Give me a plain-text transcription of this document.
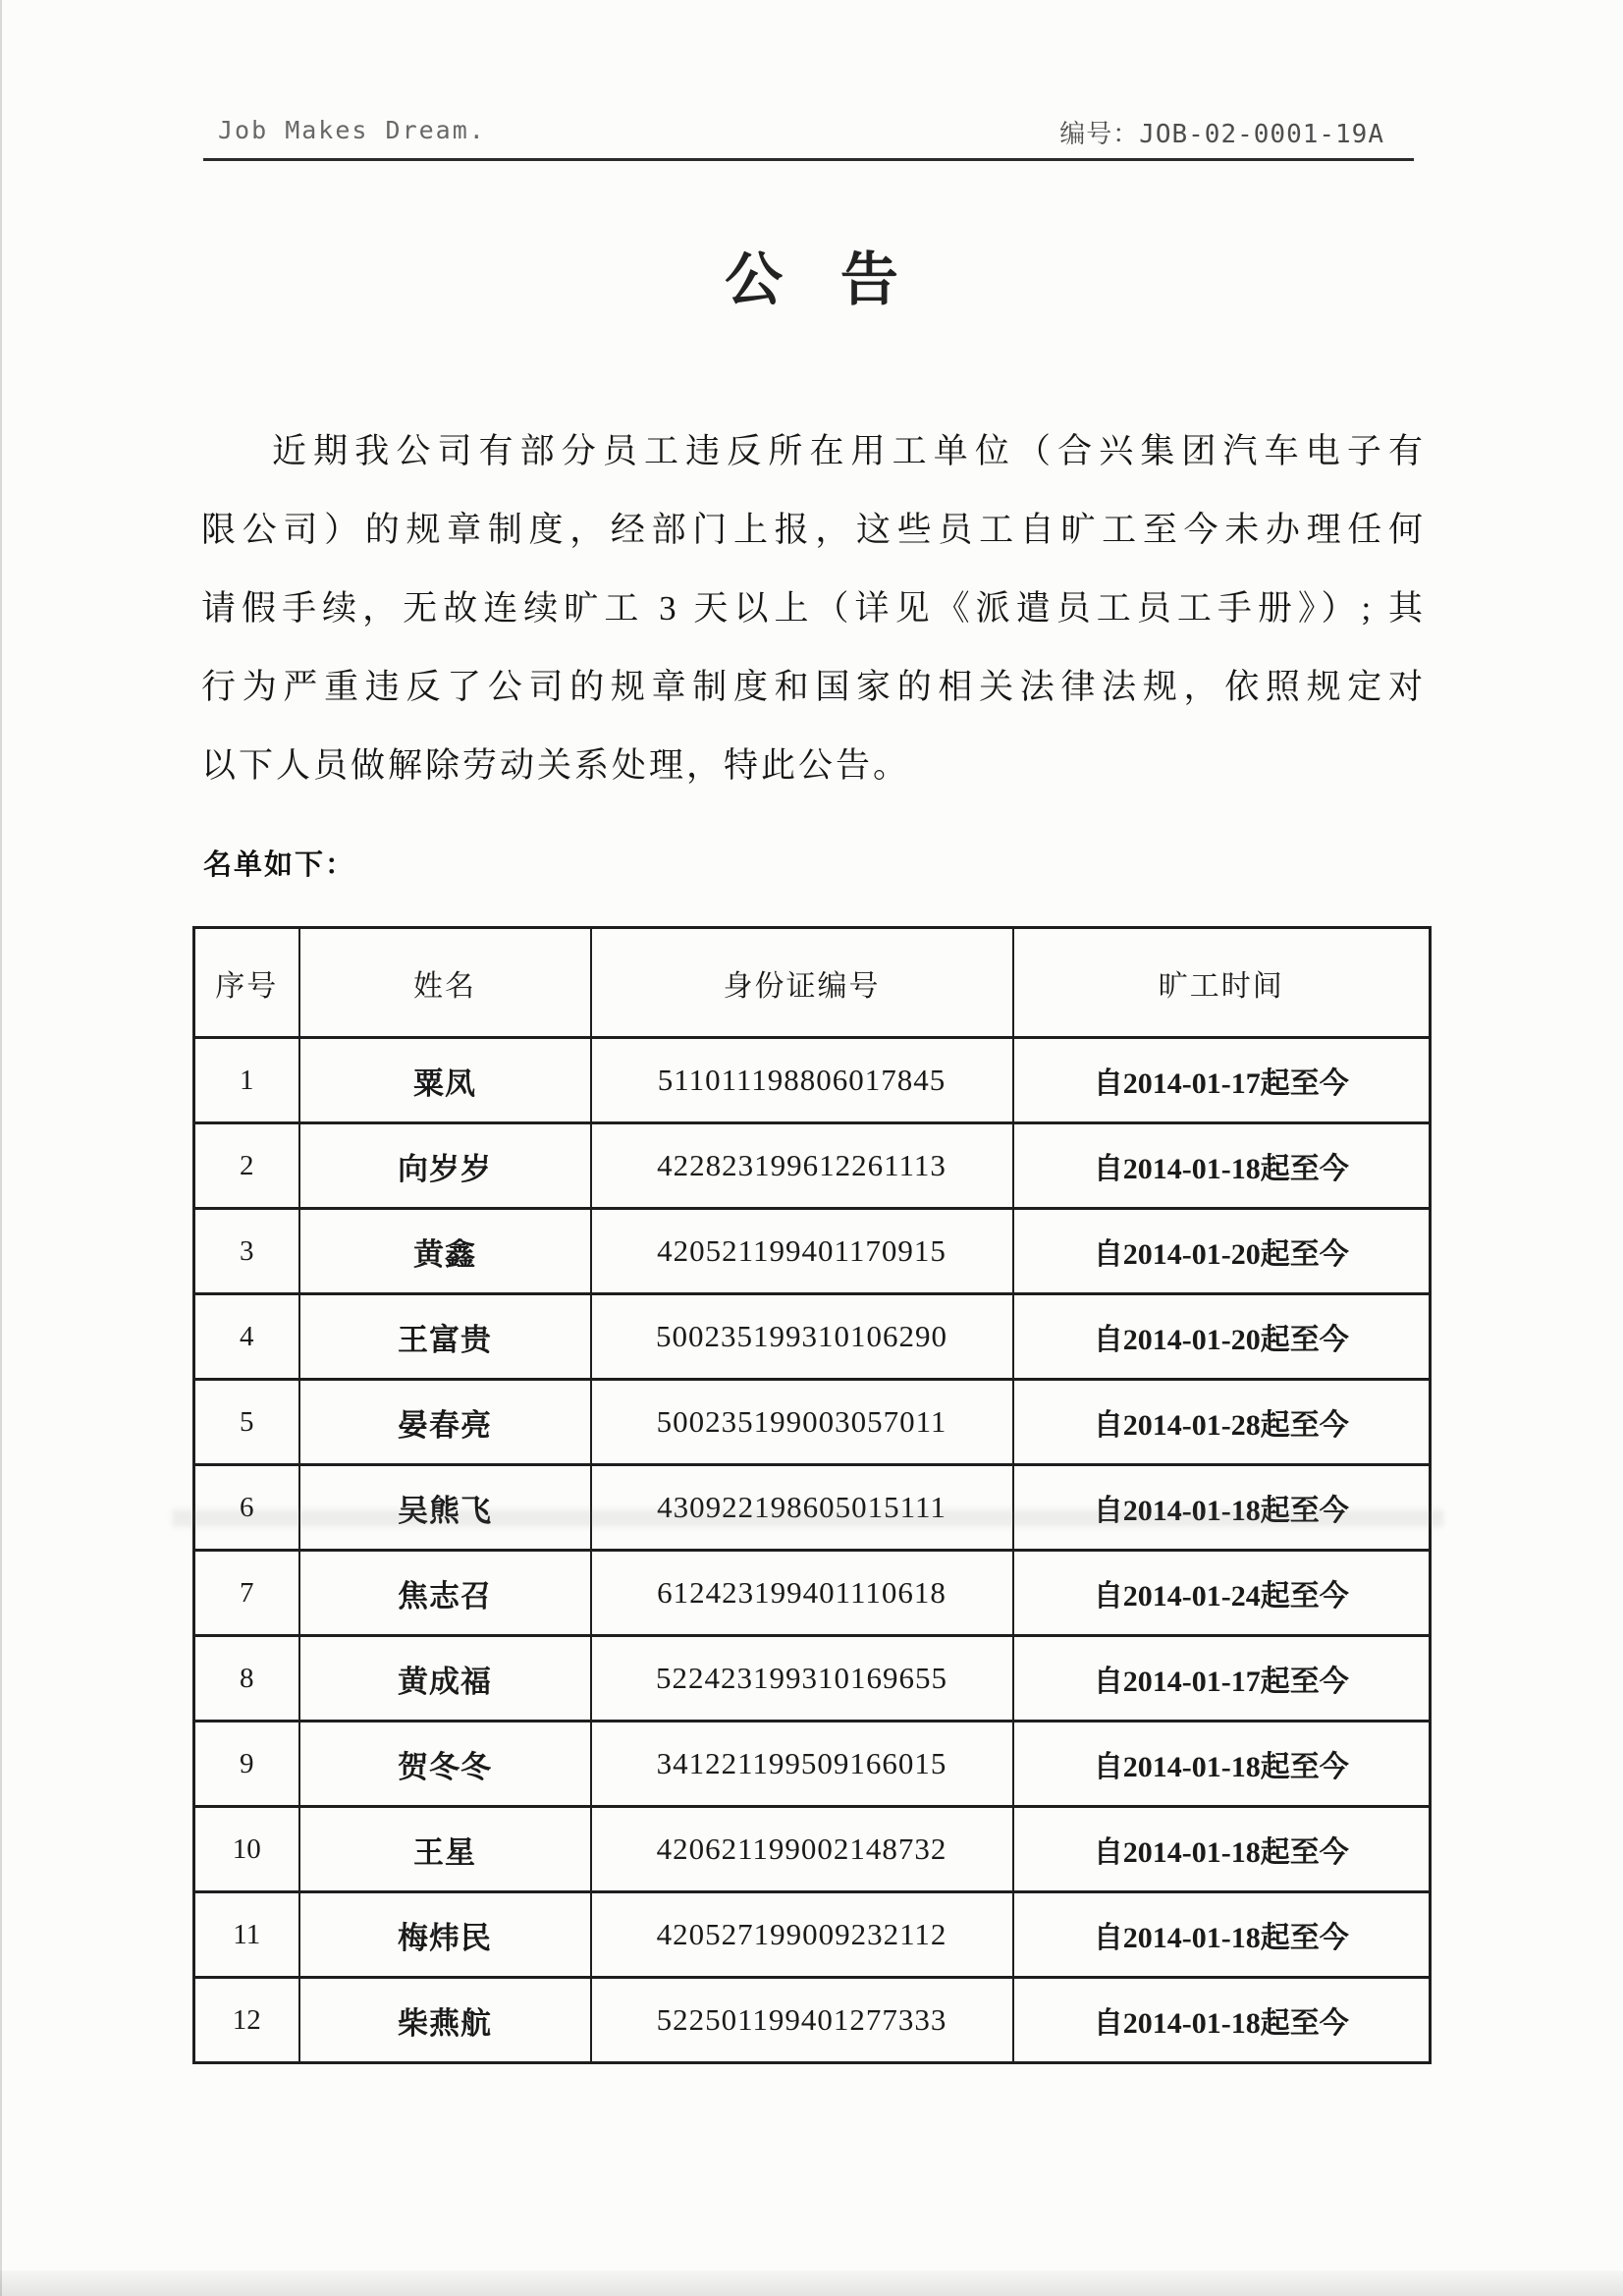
Job Makes Dream.	编号：JOB-02-0001-19A
公 告
近期我公司有部分员工违反所在用工单位（合兴集团汽车电子有
限公司）的规章制度，经部门上报，这些员工自旷工至今未办理任何
请假手续，无故连续旷工 3 天以上（详见《派遣员工员工手册》）; 其
行为严重违反了公司的规章制度和国家的相关法律法规，依照规定对
以下人员做解除劳动关系处理，特此公告。
名单如下：
序号	姓名	身份证编号	旷工时间
1	粟凤	511011198806017845	自2014-01-17起至今
2	向岁岁	422823199612261113	自2014-01-18起至今
3	黄鑫	420521199401170915	自2014-01-20起至今
4	王富贵	500235199310106290	自2014-01-20起至今
5	晏春亮	500235199003057011	自2014-01-28起至今
6	吴熊飞	430922198605015111	自2014-01-18起至今
7	焦志召	612423199401110618	自2014-01-24起至今
8	黄成福	522423199310169655	自2014-01-17起至今
9	贺冬冬	341221199509166015	自2014-01-18起至今
10	王星	420621199002148732	自2014-01-18起至今
11	梅炜民	420527199009232112	自2014-01-18起至今
12	柴燕航	522501199401277333	自2014-01-18起至今
